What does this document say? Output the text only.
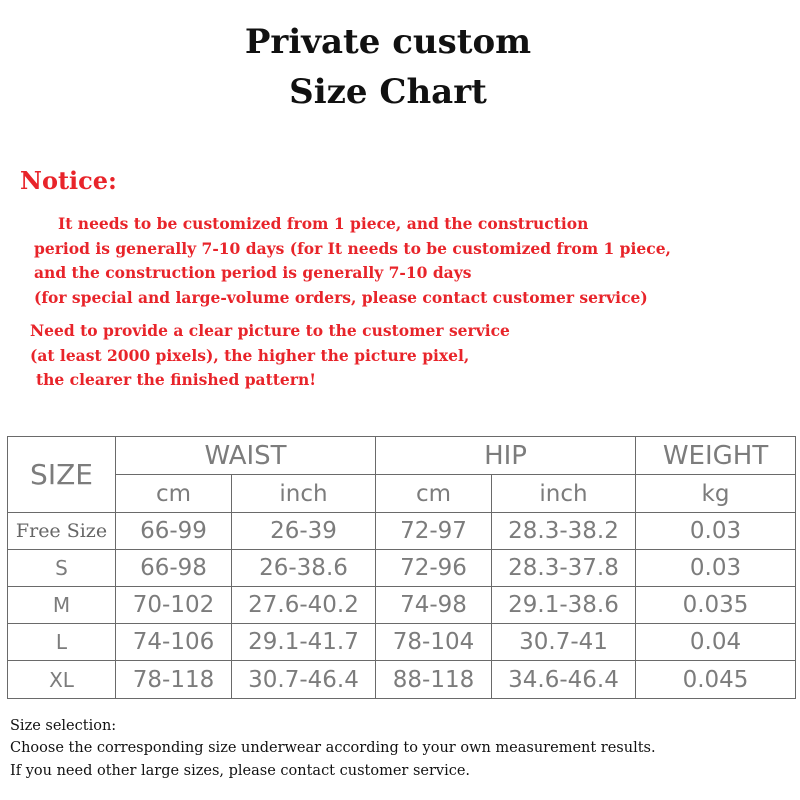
Private custom
Size Chart
Notice:
It needs to be customized from 1 piece, and the construction
period is generally 7-10 days (for It needs to be customized from 1 piece,
and the construction period is generally 7-10 days
(for special and large-volume orders, please contact customer service)
Need to provide a clear picture to the customer service
(at least 2000 pixels), the higher the picture pixel,
the clearer the finished pattern!
SIZE	WAIST		HIP		WEIGHT
	cm	inch	cm	inch	kg
Free Size	66-99	26-39	72-97	28.3-38.2	0.03
S	66-98	26-38.6	72-96	28.3-37.8	0.03
M	70-102	27.6-40.2	74-98	29.1-38.6	0.035
L	74-106	29.1-41.7	78-104	30.7-41	0.04
XL	78-118	30.7-46.4	88-118	34.6-46.4	0.045
Size selection:
Choose the corresponding size underwear according to your own measurement results.
If you need other large sizes, please contact customer service.
